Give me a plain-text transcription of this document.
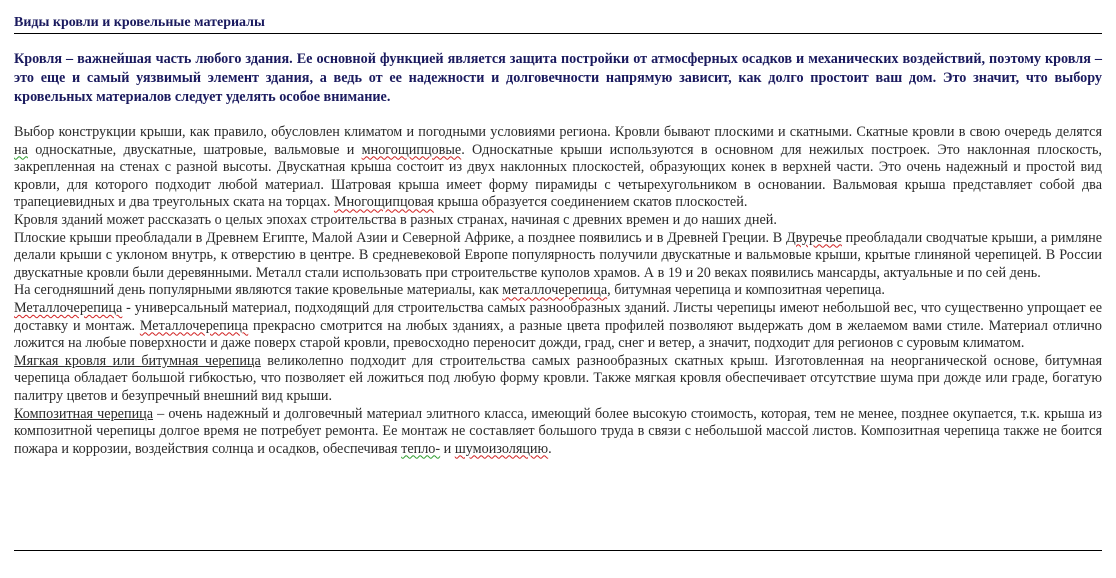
Виды кровли и кровельные материалы
Кровля – важнейшая часть любого здания. Ее основной функцией является защита постройки от атмосферных осадков и механических воздействий, поэтому кровля – это еще и самый уязвимый элемент здания, а ведь от ее надежности и долговечности напрямую зависит, как долго простоит ваш дом. Это значит, что выбору кровельных материалов следует уделять особое внимание.

Выбор конструкции крыши, как правило, обусловлен климатом и погодными условиями региона. Кровли бывают плоскими и скатными. Скатные кровли в свою очередь делятся на односкатные, двускатные, шатровые, вальмовые и многощипцовые. Односкатные крыши используются в основном для нежилых построек. Это наклонная плоскость, закрепленная на стенах с разной высоты. Двускатная крыша состоит из двух наклонных плоскостей, образующих конек в верхней части. Это очень надежный и простой вид кровли, для которого подходит любой материал. Шатровая крыша имеет форму пирамиды с четырехугольником в основании. Вальмовая крыша представляет собой два трапециевидных и два треугольных ската на торцах. Многощипцовая крыша образуется соединением скатов плоскостей.

Кровля зданий может рассказать о целых эпохах строительства в разных странах, начиная с древних времен и до наших дней.

Плоские крыши преобладали в Древнем Египте, Малой Азии и Северной Африке, а позднее появились и в Древней Греции. В Двуречье преобладали сводчатые крыши, а римляне делали крыши с уклоном внутрь, к отверстию в центре. В средневековой Европе популярность получили двускатные и вальмовые крыши, крытые глиняной черепицей. В России двускатные кровли были деревянными. Металл стали использовать при строительстве куполов храмов. А в 19 и 20 веках появились мансарды, актуальные и по сей день.

На сегодняшний день популярными являются такие кровельные материалы, как металлочерепица, битумная черепица и композитная черепица.

Металлочерепица - универсальный материал, подходящий для строительства самых разнообразных зданий. Листы черепицы имеют небольшой вес, что существенно упрощает ее доставку и монтаж. Металлочерепица прекрасно смотрится на любых зданиях, а разные цвета профилей позволяют выдержать дом в желаемом вами стиле. Материал отлично ложится на любые поверхности и даже поверх старой кровли, превосходно переносит дожди, град, снег и ветер, а значит, подходит для регионов с суровым климатом.

Мягкая кровля или битумная черепица великолепно подходит для строительства самых разнообразных скатных крыш. Изготовленная на неорганической основе, битумная черепица обладает большой гибкостью, что позволяет ей ложиться под любую форму кровли. Также мягкая кровля обеспечивает отсутствие шума при дожде или граде, богатую палитру цветов и безупречный внешний вид крыши.

Композитная черепица – очень надежный и долговечный материал элитного класса, имеющий более высокую стоимость, которая, тем не менее, позднее окупается, т.к. крыша из композитной черепицы долгое время не потребует ремонта. Ее монтаж не составляет большого труда в связи с небольшой массой листов. Композитная черепица также не боится пожара и коррозии, воздействия солнца и осадков, обеспечивая тепло- и шумоизоляцию.
